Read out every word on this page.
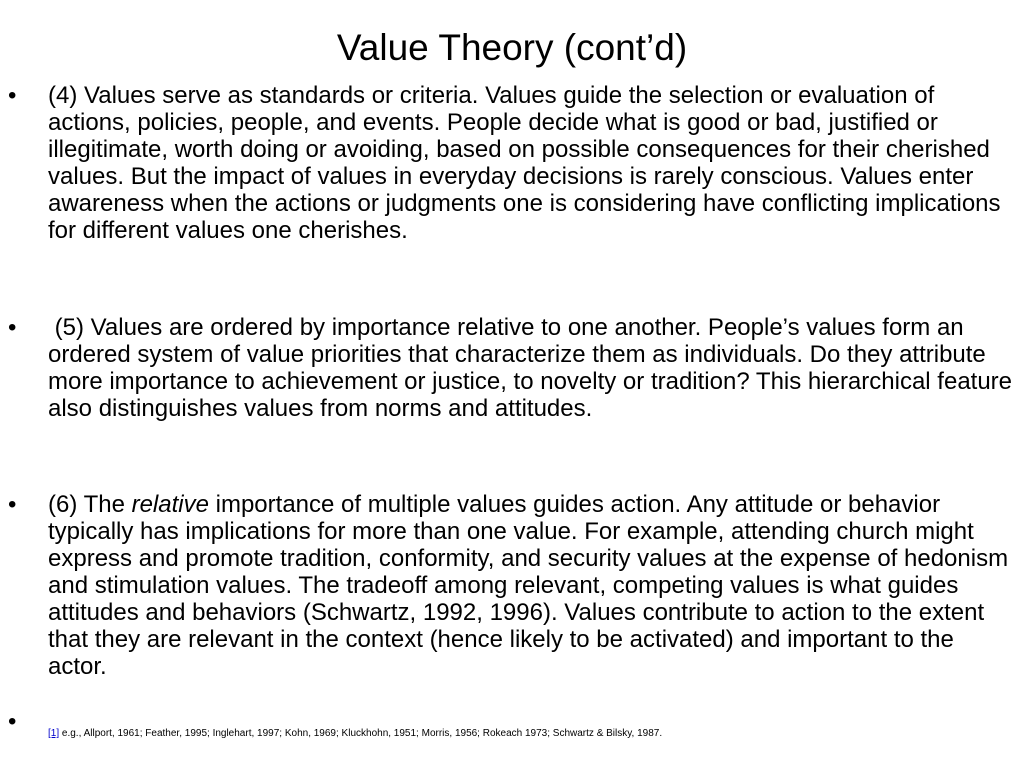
Value Theory (cont’d)
• (4) Values serve as standards or criteria. Values guide the selection or evaluation of actions, policies, people, and events. People decide what is good or bad, justified or illegitimate, worth doing or avoiding, based on possible consequences for their cherished values. But the impact of values in everyday decisions is rarely conscious. Values enter awareness when the actions or judgments one is considering have conflicting implications for different values one cherishes.

• (5) Values are ordered by importance relative to one another. People’s values form an ordered system of value priorities that characterize them as individuals. Do they attribute more importance to achievement or justice, to novelty or tradition? This hierarchical feature also distinguishes values from norms and attitudes.

• (6) The relative importance of multiple values guides action. Any attitude or behavior typically has implications for more than one value. For example, attending church might express and promote tradition, conformity, and security values at the expense of hedonism and stimulation values. The tradeoff among relevant, competing values is what guides attitudes and behaviors (Schwartz, 1992, 1996). Values contribute to action to the extent that they are relevant in the context (hence likely to be activated) and important to the actor.

•	[1] e.g., Allport, 1961; Feather, 1995; Inglehart, 1997; Kohn, 1969; Kluckhohn, 1951; Morris, 1956; Rokeach 1973; Schwartz & Bilsky, 1987.
